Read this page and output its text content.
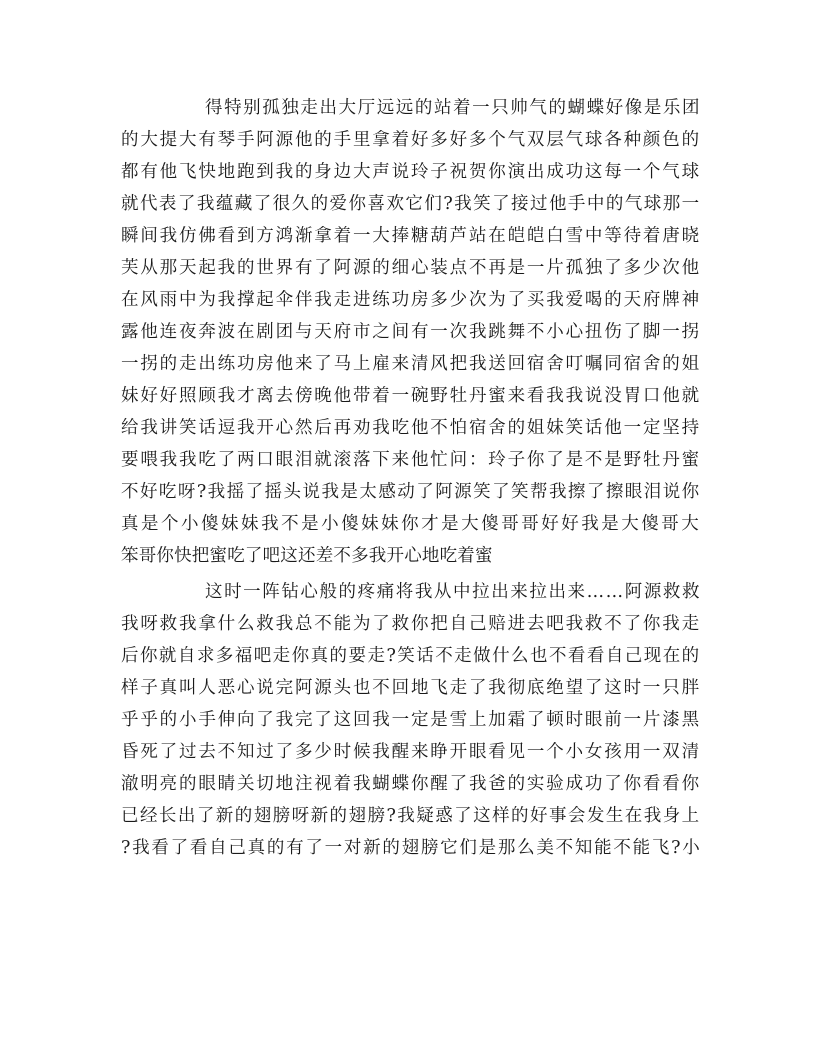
得特别孤独走出大厅远远的站着一只帅气的蝴蝶好像是乐团
的大提大有琴手阿源他的手里拿着好多好多个气双层气球各种颜色的
都有他飞快地跑到我的身边大声说玲子祝贺你演出成功这每一个气球
就代表了我蕴藏了很久的爱你喜欢它们?我笑了接过他手中的气球那一
瞬间我仿佛看到方鸿渐拿着一大捧糖葫芦站在皑皑白雪中等待着唐晓
芙从那天起我的世界有了阿源的细心装点不再是一片孤独了多少次他
在风雨中为我撑起伞伴我走进练功房多少次为了买我爱喝的天府牌神
露他连夜奔波在剧团与天府市之间有一次我跳舞不小心扭伤了脚一拐
一拐的走出练功房他来了马上雇来清风把我送回宿舍叮嘱同宿舍的姐
妹好好照顾我才离去傍晚他带着一碗野牡丹蜜来看我我说没胃口他就
给我讲笑话逗我开心然后再劝我吃他不怕宿舍的姐妹笑话他一定坚持
要喂我我吃了两口眼泪就滚落下来他忙问：玲子你了是不是野牡丹蜜
不好吃呀?我摇了摇头说我是太感动了阿源笑了笑帮我擦了擦眼泪说你
真是个小傻妹妹我不是小傻妹妹你才是大傻哥哥好好我是大傻哥大
笨哥你快把蜜吃了吧这还差不多我开心地吃着蜜
这时一阵钻心般的疼痛将我从中拉出来拉出来……阿源救救
我呀救我拿什么救我总不能为了救你把自己赔进去吧我救不了你我走
后你就自求多福吧走你真的要走?笑话不走做什么也不看看自己现在的
样子真叫人恶心说完阿源头也不回地飞走了我彻底绝望了这时一只胖
乎乎的小手伸向了我完了这回我一定是雪上加霜了顿时眼前一片漆黑
昏死了过去不知过了多少时候我醒来睁开眼看见一个小女孩用一双清
澈明亮的眼睛关切地注视着我蝴蝶你醒了我爸的实验成功了你看看你
已经长出了新的翅膀呀新的翅膀?我疑惑了这样的好事会发生在我身上
?我看了看自己真的有了一对新的翅膀它们是那么美不知能不能飞?小
